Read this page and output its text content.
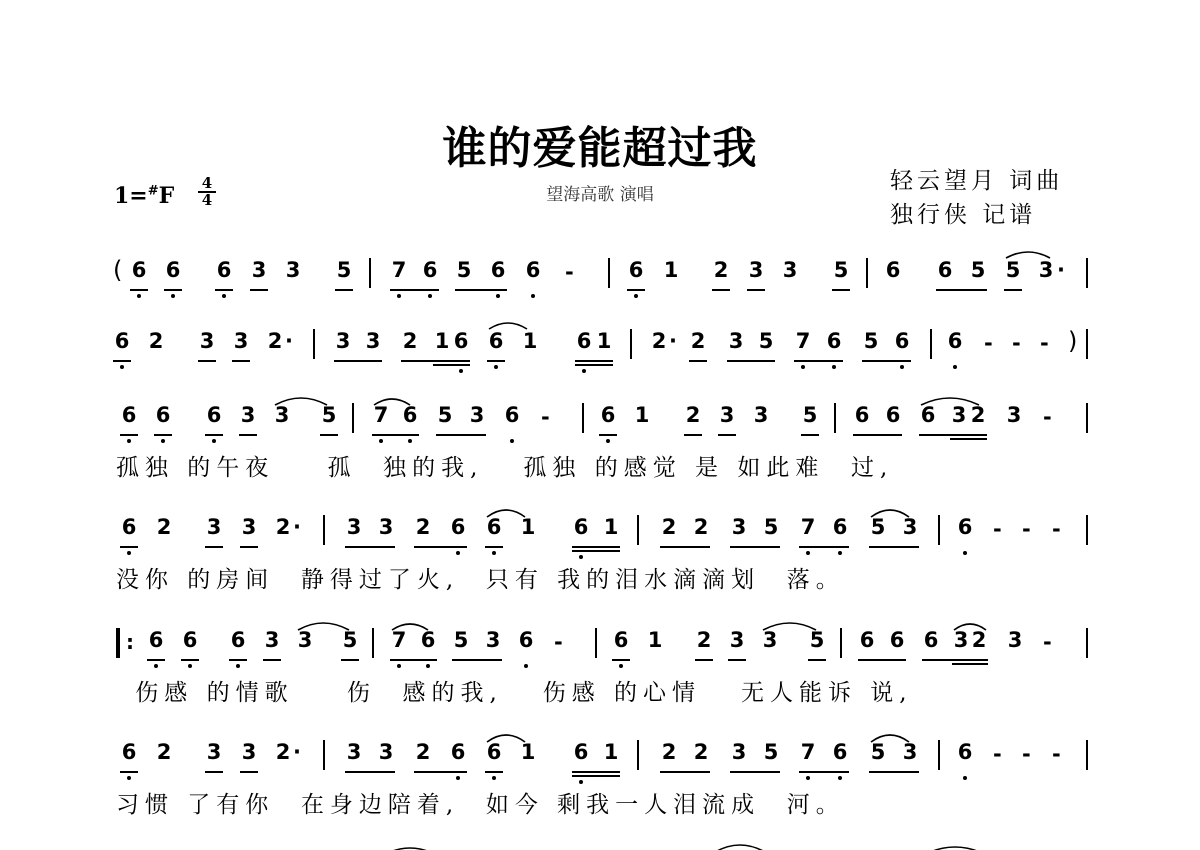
谁的爱能超过我
望海高歌 演唱
轻云望月 词曲
独行侠 记谱
$1=^{\#}F \frac{4}{4}$
( 6 6 6 3 3 5 7 6 5 6 6 -	6 1 2 3 3 5 6 6 5 5 3 ·
6 2 3 3 2 · 3 3 2 1 6 6 1 6 1 2 · 2 3 5 7 6 5 6 6 - - - )
6 6 6 3 3 5 7 6 5 3 6 - 6 1 2 3 3 5 6 6 6 3 2 3 -
孤独 的午夜    孤  独的我,   孤独 的感觉 是 如此难  过,
6 2 3 3 2 · 3 3 2 6 6 1 6 1 2 2 3 5 7 6 5 3 6 - - -
没你 的房间  静得过了火,  只有 我的泪水滴滴划  落。
: 6 6 6 3 3 5 7 6 5 3 6 - 6 1 2 3 3 5 6 6 6 3 2 3 -
伤感 的情歌    伤  感的我,   伤感 的心情   无人能诉 说,
6 2 3 3 2 · 3 3 2 6 6 1 6 1 2 2 3 5 7 6 5 3 6 - - -
习惯 了有你  在身边陪着,  如今 剩我一人泪流成  河。
